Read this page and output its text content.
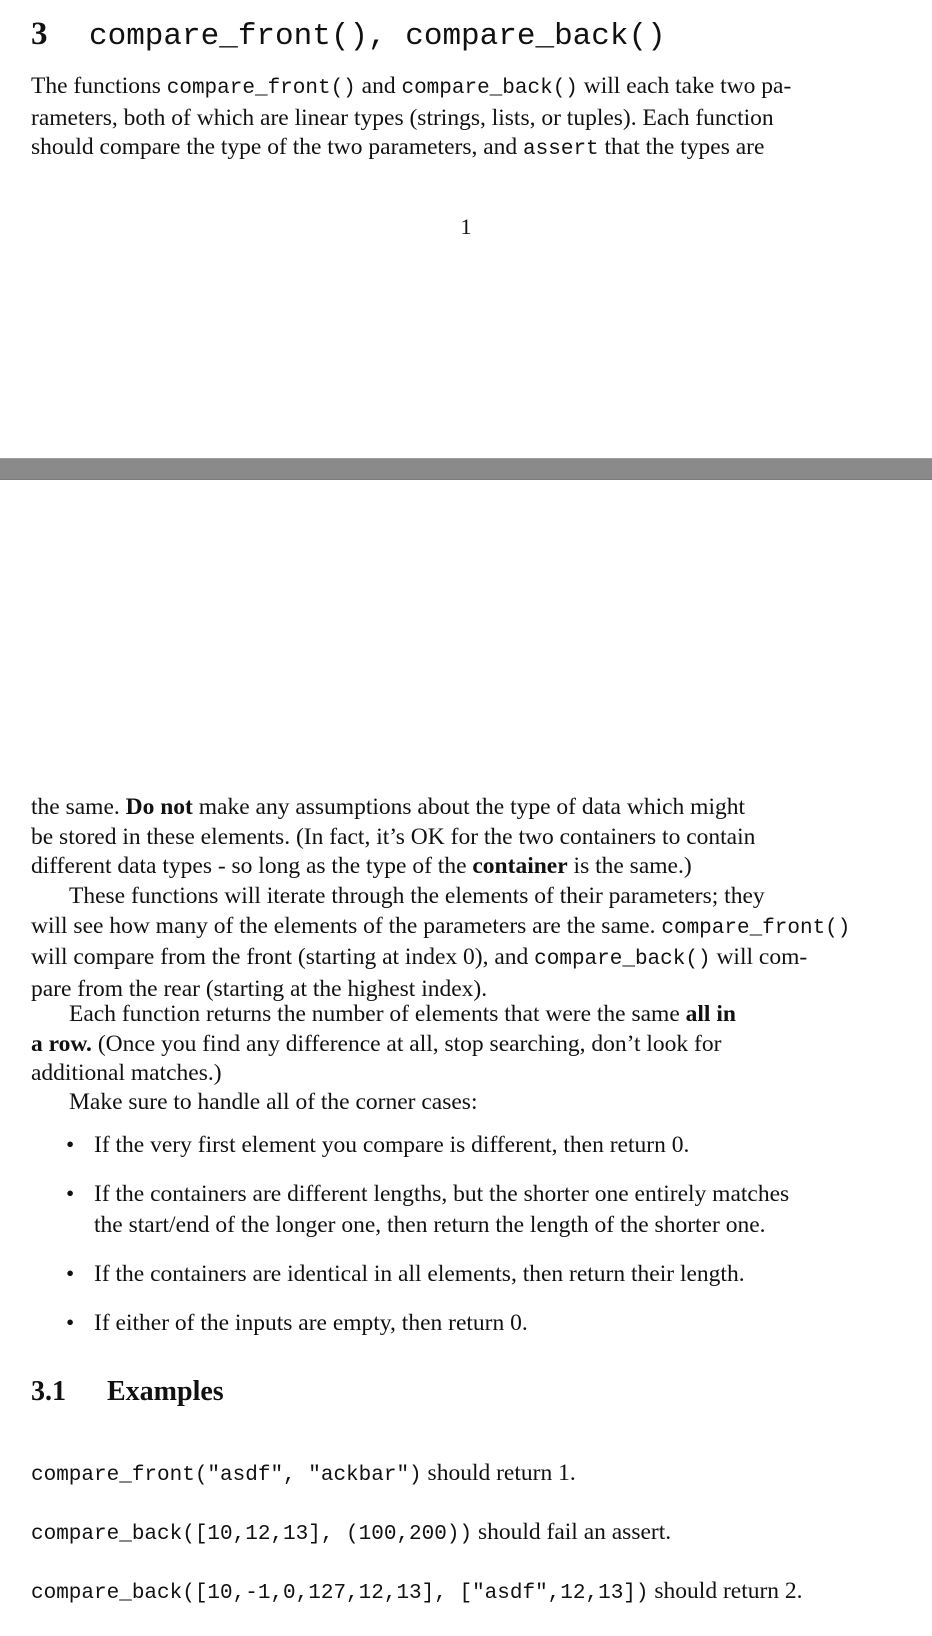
3 compare_front(), compare_back()

The functions compare_front() and compare_back() will each take two pa-
rameters, both of which are linear types (strings, lists, or tuples). Each function
should compare the type of the two parameters, and assert that the types are

1

the same. Do not make any assumptions about the type of data which might
be stored in these elements. (In fact, it’s OK for the two containers to contain
different data types - so long as the type of the container is the same.)

These functions will iterate through the elements of their parameters; they
will see how many of the elements of the parameters are the same. compare_front()
will compare from the front (starting at index 0), and compare_back() will com-
pare from the rear (starting at the highest index).

Each function returns the number of elements that were the same all in
a row. (Once you find any difference at all, stop searching, don’t look for
additional matches.)

Make sure to handle all of the corner cases:

• If the very first element you compare is different, then return 0.
• If the containers are different lengths, but the shorter one entirely matches
the start/end of the longer one, then return the length of the shorter one.
• If the containers are identical in all elements, then return their length.
• If either of the inputs are empty, then return 0.
3.1 Examples

compare_front("asdf", "ackbar") should return 1.

compare_back([10,12,13], (100,200)) should fail an assert.

compare_back([10,-1,0,127,12,13], ["asdf",12,13]) should return 2.
